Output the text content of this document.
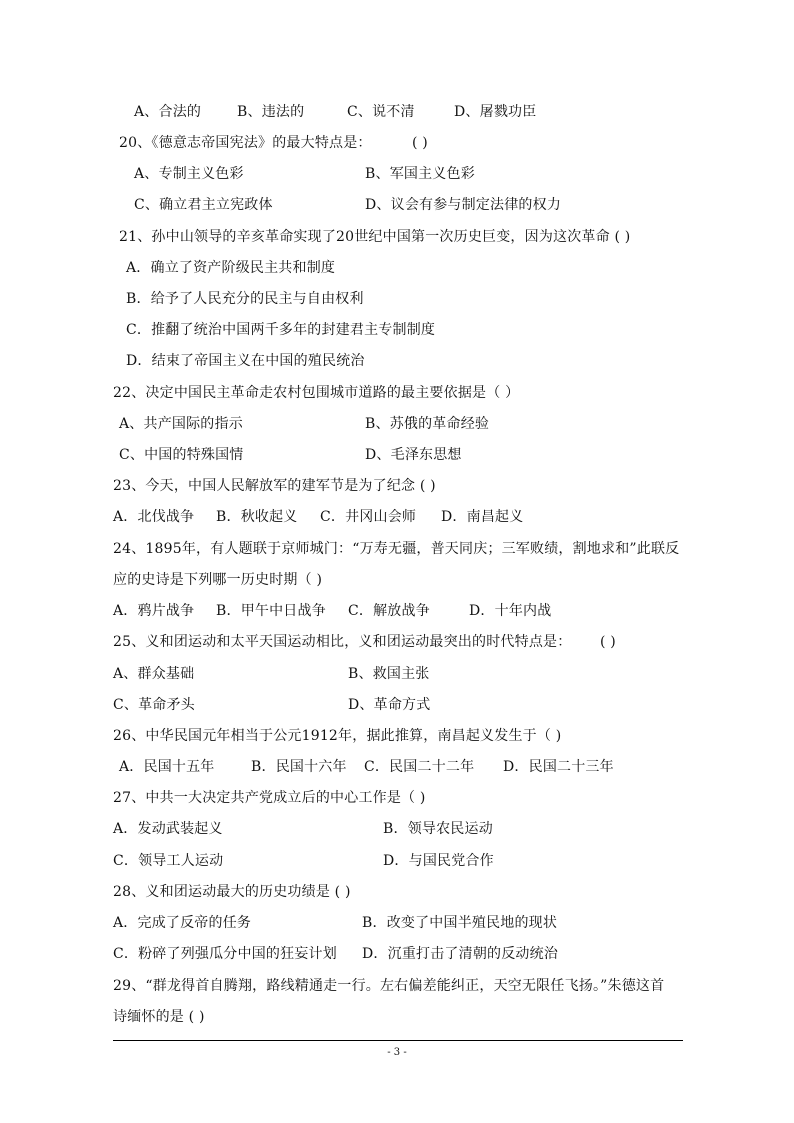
A、合法的	B、违法的	C、说不清	D、屠戮功臣
20、《德意志帝国宪法》的最大特点是：	( )
A、专制主义色彩	B、军国主义色彩
C、确立君主立宪政体	D、议会有参与制定法律的权力
21、孙中山领导的辛亥革命实现了20世纪中国第一次历史巨变，因为这次革命 ( )
A．确立了资产阶级民主共和制度
B．给予了人民充分的民主与自由权利
C．推翻了统治中国两千多年的封建君主专制制度
D．结束了帝国主义在中国的殖民统治
22、决定中国民主革命走农村包围城市道路的最主要依据是（ ）
A、共产国际的指示	B、苏俄的革命经验
C、中国的特殊国情	D、毛泽东思想
23、今天，中国人民解放军的建军节是为了纪念 ( )
A．北伐战争 B．秋收起义 C．井冈山会师 D．南昌起义
24、1895年，有人题联于京师城门：“万寿无疆，普天同庆；三军败绩，割地求和”此联反
应的史诗是下列哪一历史时期（ )
A．鸦片战争 B．甲午中日战争 C．解放战争	D．十年内战
25、义和团运动和太平天国运动相比，义和团运动最突出的时代特点是： ( )
A、群众基础	B、救国主张
C、革命矛头	D、革命方式
26、中华民国元年相当于公元1912年，据此推算，南昌起义发生于（ )
A．民国十五年	B．民国十六年 C．民国二十二年 D．民国二十三年
27、中共一大决定共产党成立后的中心工作是（ )
A．发动武装起义	B．领导农民运动
C．领导工人运动	D．与国民党合作
28、义和团运动最大的历史功绩是 ( )
A．完成了反帝的任务	B．改变了中国半殖民地的现状
C．粉碎了列强瓜分中国的狂妄计划 D．沉重打击了清朝的反动统治
29、“群龙得首自腾翔，路线精通走一行。左右偏差能纠正，天空无限任飞扬。”朱德这首
诗缅怀的是 ( )
- 3 -
